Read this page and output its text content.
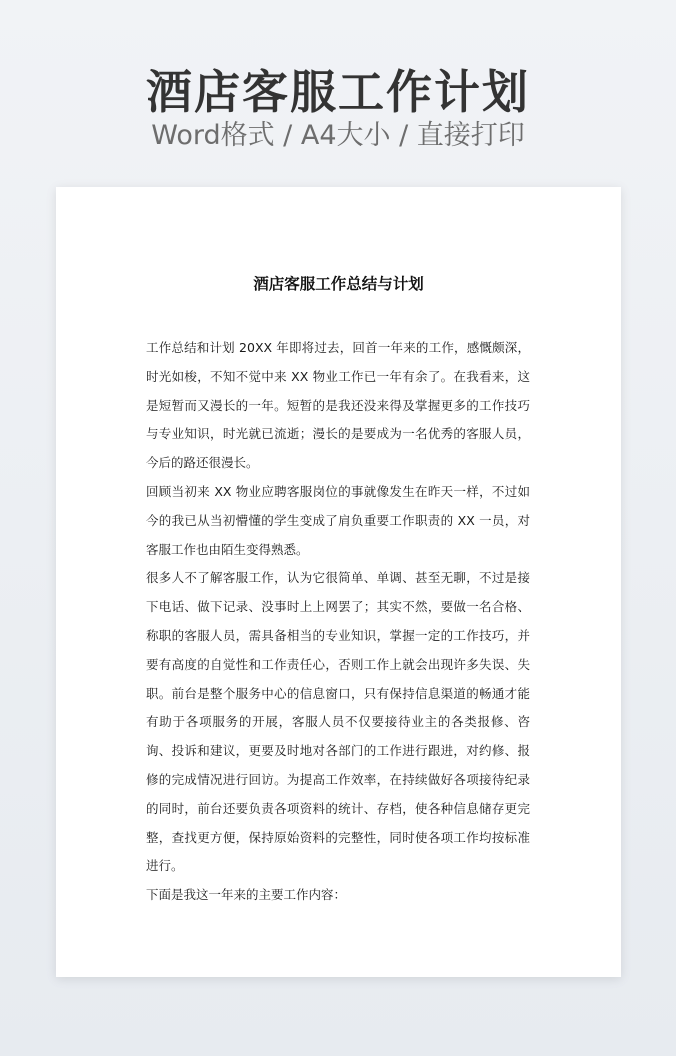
酒店客服工作计划
Word格式 / A4大小 / 直接打印
酒店客服工作总结与计划

工作总结和计划 20XX 年即将过去，回首一年来的工作，感慨颇深，时光如梭，不知不觉中来 XX 物业工作已一年有余了。在我看来，这是短暂而又漫长的一年。短暂的是我还没来得及掌握更多的工作技巧与专业知识，时光就已流逝；漫长的是要成为一名优秀的客服人员，今后的路还很漫长。

回顾当初来 XX 物业应聘客服岗位的事就像发生在昨天一样，不过如今的我已从当初懵懂的学生变成了肩负重要工作职责的 XX 一员，对客服工作也由陌生变得熟悉。

很多人不了解客服工作，认为它很简单、单调、甚至无聊，不过是接下电话、做下记录、没事时上上网罢了；其实不然，要做一名合格、称职的客服人员，需具备相当的专业知识，掌握一定的工作技巧，并要有高度的自觉性和工作责任心，否则工作上就会出现许多失误、失职。前台是整个服务中心的信息窗口，只有保持信息渠道的畅通才能有助于各项服务的开展，客服人员不仅要接待业主的各类报修、咨询、投诉和建议，更要及时地对各部门的工作进行跟进，对约修、报修的完成情况进行回访。为提高工作效率，在持续做好各项接待纪录的同时，前台还要负责各项资料的统计、存档，使各种信息储存更完整，查找更方便，保持原始资料的完整性，同时使各项工作均按标准进行。

下面是我这一年来的主要工作内容：
